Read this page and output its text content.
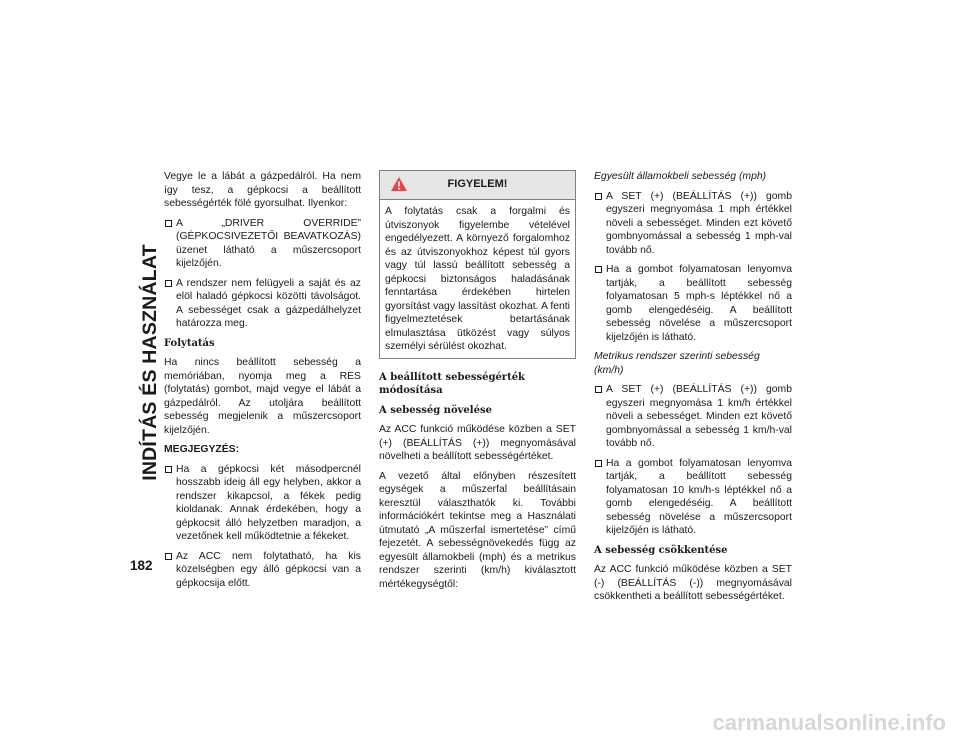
INDÍTÁS ÉS HASZNÁLAT
182

Vegye le a lábát a gázpedálról. Ha nem így tesz, a gépkocsi a beállított sebességérték fölé gyorsulhat. Ilyenkor:

A „DRIVER OVERRIDE” (GÉPKOCSIVEZETŐI BEAVATKOZÁS) üzenet látható a műszercsoport kijelzőjén.
A rendszer nem felügyeli a saját és az elöl haladó gépkocsi közötti távolságot. A sebességet csak a gázpedálhelyzet határozza meg.
Folytatás

Ha nincs beállított sebesség a memóriában, nyomja meg a RES (folytatás) gombot, majd vegye el lábát a gázpedálról. Az utoljára beállított sebesség megjelenik a műszercsoport kijelzőjén.

MEGJEGYZÉS:
Ha a gépkocsi két másodpercnél hosszabb ideig áll egy helyben, akkor a rendszer kikapcsol, a fékek pedig kioldanak. Annak érdekében, hogy a gépkocsit álló helyzetben maradjon, a vezetőnek kell működtetnie a fékeket.
Az ACC nem folytatható, ha kis közelségben egy álló gépkocsi van a gépkocsija előtt.
FIGYELEM!
A folytatás csak a forgalmi és útviszonyok figyelembe vételével engedélyezett. A környező forgalomhoz és az útviszonyokhoz képest túl gyors vagy túl lassú beállított sebesség a gépkocsi biztonságos haladásának fenntartása érdekében hirtelen gyorsítást vagy lassítást okozhat. A fenti figyelmeztetések betartásának elmulasztása ütközést vagy súlyos személyi sérülést okozhat.
A beállított sebességérték módosítása
A sebesség növelése

Az ACC funkció működése közben a SET (+) (BEÁLLÍTÁS (+)) megnyomásával növelheti a beállított sebességértéket.

A vezető által előnyben részesített egységek a műszerfal beállításain keresztül választhatók ki. További információkért tekintse meg a Használati útmutató „A műszerfal ismertetése” című fejezetét. A sebességnövekedés függ az egyesült államokbeli (mph) és a metrikus rendszer szerinti (km/h) kiválasztott mértékegységtől:

Egyesült államokbeli sebesség (mph)
A SET (+) (BEÁLLÍTÁS (+)) gomb egyszeri megnyomása 1 mph értékkel növeli a sebességet. Minden ezt követő gombnyomással a sebesség 1 mph-val tovább nő.
Ha a gombot folyamatosan lenyomva tartják, a beállított sebesség folyamatosan 5 mph-s léptékkel nő a gomb elengedéséig. A beállított sebesség növelése a műszercsoport kijelzőjén is látható.
Metrikus rendszer szerinti sebesség (km/h)
A SET (+) (BEÁLLÍTÁS (+)) gomb egyszeri megnyomása 1 km/h értékkel növeli a sebességet. Minden ezt követő gombnyomással a sebesség 1 km/h-val tovább nő.
Ha a gombot folyamatosan lenyomva tartják, a beállított sebesség folyamatosan 10 km/h-s léptékkel nő a gomb elengedéséig. A beállított sebesség növelése a műszercsoport kijelzőjén is látható.
A sebesség csökkentése

Az ACC funkció működése közben a SET (-) (BEÁLLÍTÁS (-)) megnyomásával csökkentheti a beállított sebességértéket.

carmanualsonline.info
